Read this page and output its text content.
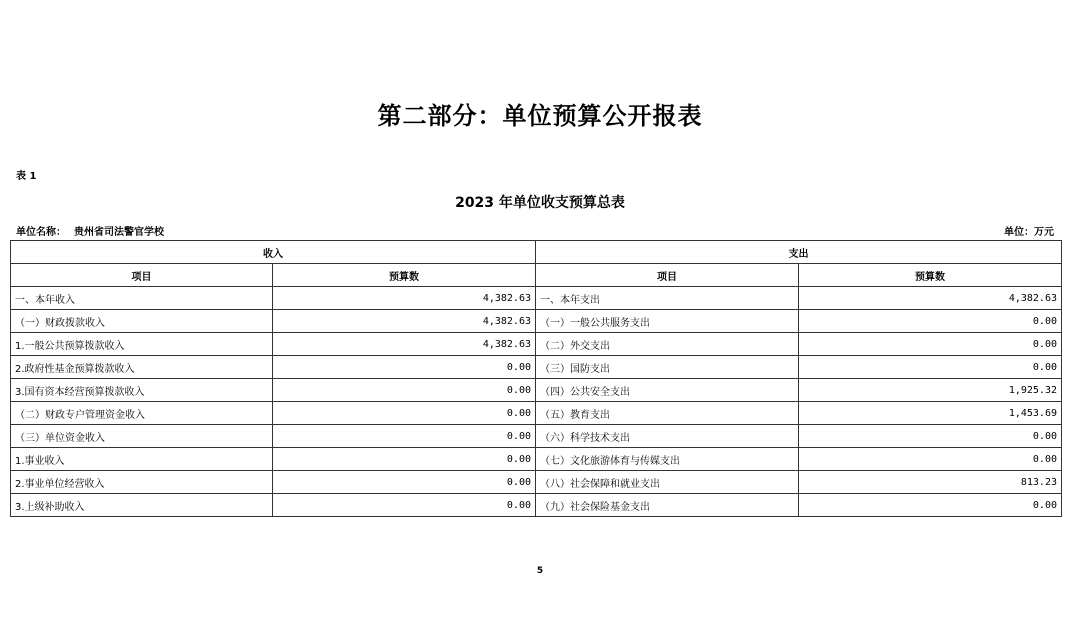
第二部分：单位预算公开报表
表 1
2023 年单位收支预算总表
单位名称： 贵州省司法警官学校	单位：万元
收入		支出	
项目	预算数	项目	预算数
一、本年收入	4,382.63	一、本年支出	4,382.63
（一）财政拨款收入	4,382.63	（一）一般公共服务支出	0.00
1.一般公共预算拨款收入	4,382.63	（二）外交支出	0.00
2.政府性基金预算拨款收入	0.00	（三）国防支出	0.00
3.国有资本经营预算拨款收入	0.00	（四）公共安全支出	1,925.32
（二）财政专户管理资金收入	0.00	（五）教育支出	1,453.69
（三）单位资金收入	0.00	（六）科学技术支出	0.00
1.事业收入	0.00	（七）文化旅游体育与传媒支出	0.00
2.事业单位经营收入	0.00	（八）社会保障和就业支出	813.23
3.上级补助收入	0.00	（九）社会保险基金支出	0.00
5
